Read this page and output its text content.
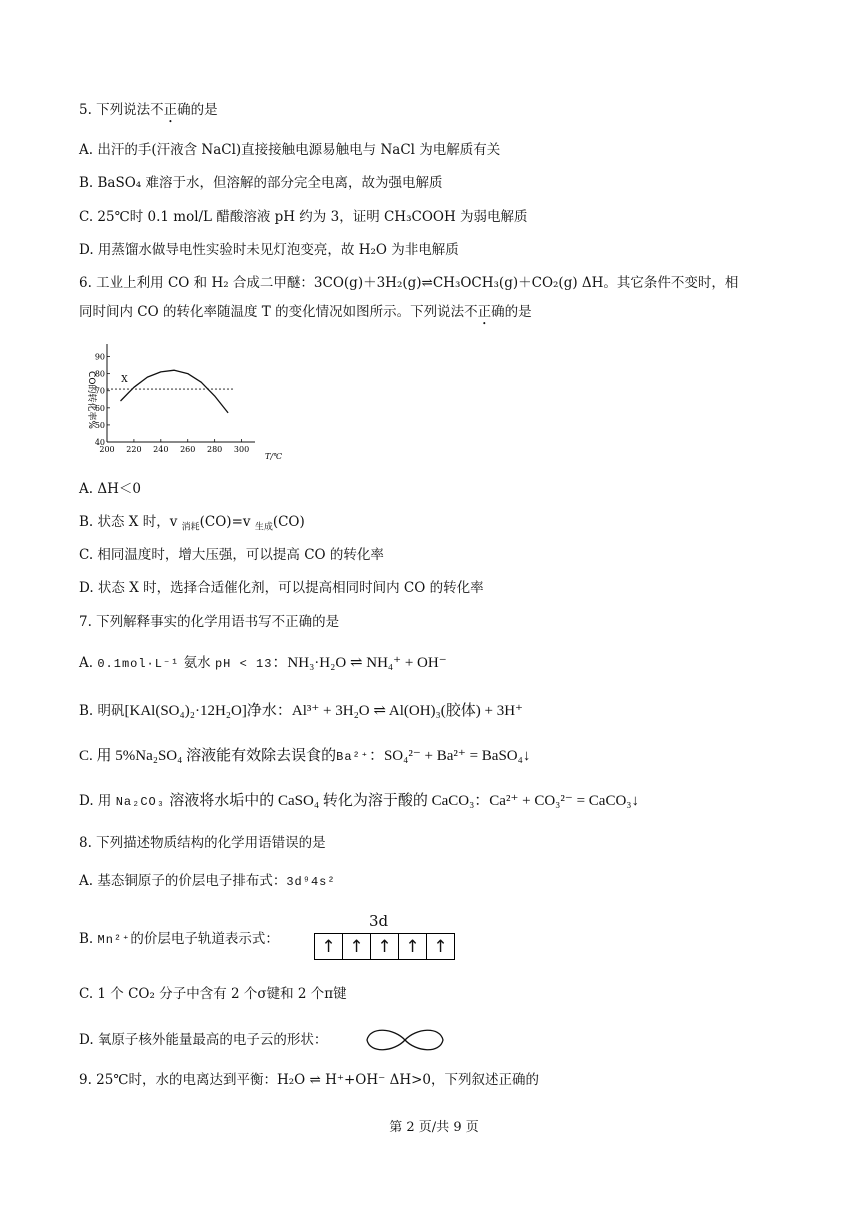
5. 下列说法不正确的是
A. 出汗的手(汗液含 NaCl)直接接触电源易触电与 NaCl 为电解质有关
B. BaSO₄ 难溶于水，但溶解的部分完全电离，故为强电解质
C. 25℃时 0.1 mol/L 醋酸溶液 pH 约为 3，证明 CH₃COOH 为弱电解质
D. 用蒸馏水做导电性实验时未见灯泡变亮，故 H₂O 为非电解质
6. 工业上利用 CO 和 H₂ 合成二甲醚：3CO(g)＋3H₂(g)⇌CH₃OCH₃(g)＋CO₂(g) ΔH。其它条件不变时，相
同时间内 CO 的转化率随温度 T 的变化情况如图所示。下列说法不正确的是
200 220 240 260 280 300
40
50
60
70
80
90
X
CO的转化率%
T/℃
A. ΔH＜0
B. 状态 X 时，v $_{消耗}$(CO)=v $_{生成}$(CO)
C. 相同温度时，增大压强，可以提高 CO 的转化率
D. 状态 X 时，选择合适催化剂，可以提高相同时间内 CO 的转化率
7. 下列解释事实的化学用语书写不正确的是
A. 0.1mol·L⁻¹ 氨水 pH < 13：NH₃·H₂O ⇌ NH₄⁺ + OH⁻
B. 明矾[KAl(SO₄)₂·12H₂O]净水：Al³⁺ + 3H₂O ⇌ Al(OH)₃(胶体) + 3H⁺
C. 用 5%Na₂SO₄ 溶液能有效除去误食的Ba²⁺：SO₄²⁻ + Ba²⁺ = BaSO₄↓
D. 用 Na₂CO₃ 溶液将水垢中的 CaSO₄ 转化为溶于酸的 CaCO₃：Ca²⁺ + CO₃²⁻ = CaCO₃↓
8. 下列描述物质结构的化学用语错误的是
A. 基态铜原子的价层电子排布式：3d⁹4s²
B. Mn²⁺的价层电子轨道表示式：
3d
↑ ↑ ↑ ↑ ↑
C. 1 个 CO₂ 分子中含有 2 个σ键和 2 个π键
D. 氧原子核外能量最高的电子云的形状：
9. 25℃时，水的电离达到平衡：H₂O ⇌ H⁺+OH⁻ ΔH>0，下列叙述正确的
第 2 页/共 9 页
